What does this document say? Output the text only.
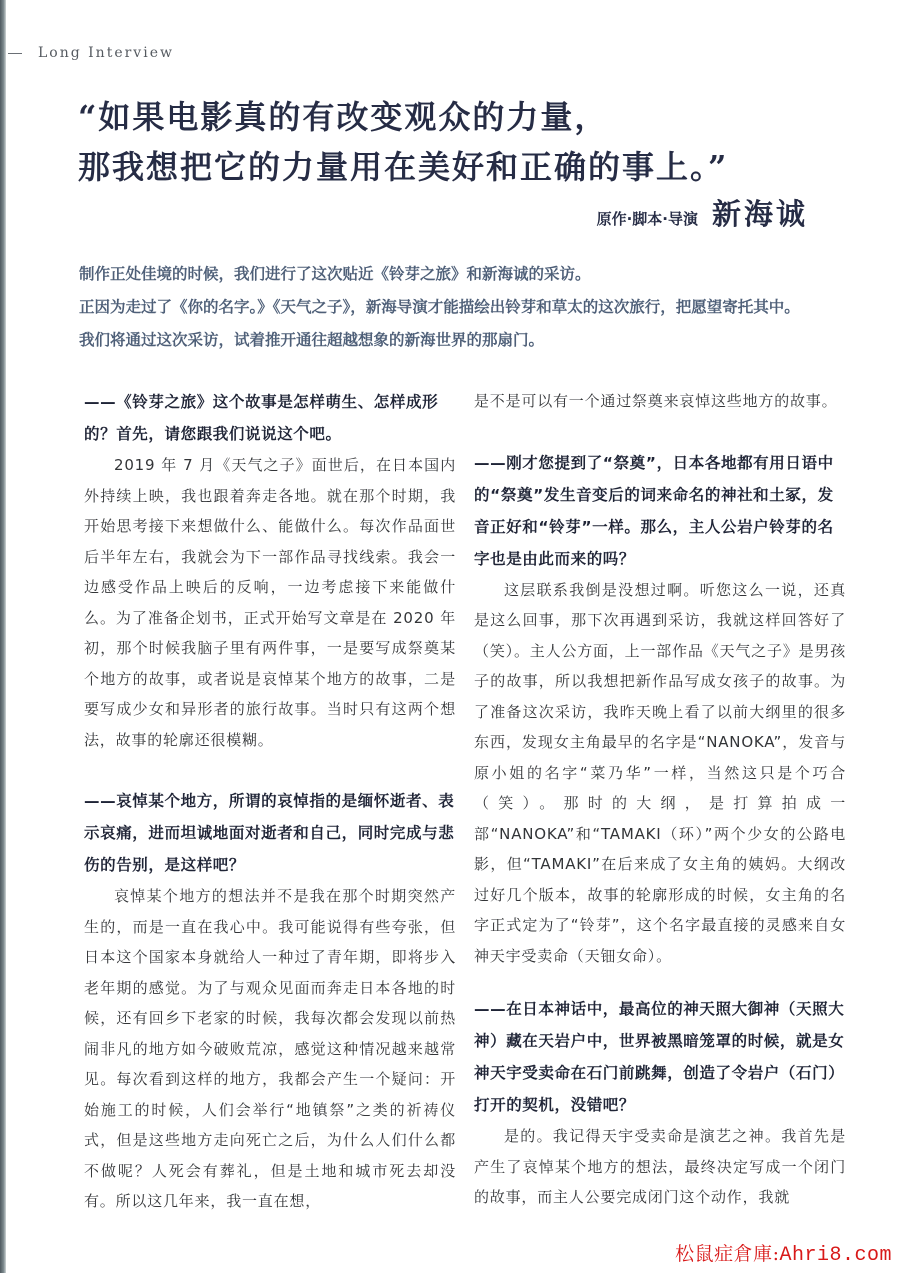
Long Interview
“如果电影真的有改变观众的力量，
那我想把它的力量用在美好和正确的事上。”
原作·脚本·导演 新海诚
制作正处佳境的时候，我们进行了这次贴近《铃芽之旅》和新海诚的采访。
正因为走过了《你的名字。》《天气之子》，新海导演才能描绘出铃芽和草太的这次旅行，把愿望寄托其中。
我们将通过这次采访，试着推开通往超越想象的新海世界的那扇门。
——《铃芽之旅》这个故事是怎样萌生、怎样成形的？首先，请您跟我们说说这个吧。
2019 年 7 月《天气之子》面世后，在日本国内外持续上映，我也跟着奔走各地。就在那个时期，我开始思考接下来想做什么、能做什么。每次作品面世后半年左右，我就会为下一部作品寻找线索。我会一边感受作品上映后的反响，一边考虑接下来能做什么。为了准备企划书，正式开始写文章是在 2020 年初，那个时候我脑子里有两件事，一是要写成祭奠某个地方的故事，或者说是哀悼某个地方的故事，二是要写成少女和异形者的旅行故事。当时只有这两个想法，故事的轮廓还很模糊。
——哀悼某个地方，所谓的哀悼指的是缅怀逝者、表示哀痛，进而坦诚地面对逝者和自己，同时完成与悲伤的告别，是这样吧？
哀悼某个地方的想法并不是我在那个时期突然产生的，而是一直在我心中。我可能说得有些夸张，但日本这个国家本身就给人一种过了青年期，即将步入老年期的感觉。为了与观众见面而奔走日本各地的时候，还有回乡下老家的时候，我每次都会发现以前热闹非凡的地方如今破败荒凉，感觉这种情况越来越常见。每次看到这样的地方，我都会产生一个疑问：开始施工的时候，人们会举行“地镇祭”之类的祈祷仪式，但是这些地方走向死亡之后，为什么人们什么都不做呢？人死会有葬礼，但是土地和城市死去却没有。所以这几年来，我一直在想，
是不是可以有一个通过祭奠来哀悼这些地方的故事。
——刚才您提到了“祭奠”，日本各地都有用日语中的“祭奠”发生音变后的词来命名的神社和土冢，发音正好和“铃芽”一样。那么，主人公岩户铃芽的名字也是由此而来的吗？
这层联系我倒是没想过啊。听您这么一说，还真是这么回事，那下次再遇到采访，我就这样回答好了（笑）。主人公方面，上一部作品《天气之子》是男孩子的故事，所以我想把新作品写成女孩子的故事。为了准备这次采访，我昨天晚上看了以前大纲里的很多东西，发现女主角最早的名字是“NANOKA”，发音与原小姐的名字“菜乃华”一样，当然这只是个巧合（笑）。那时的大纲，是打算拍成一部“NANOKA”和“TAMAKI（环）”两个少女的公路电影，但“TAMAKI”在后来成了女主角的姨妈。大纲改过好几个版本，故事的轮廓形成的时候，女主角的名字正式定为了“铃芽”，这个名字最直接的灵感来自女神天宇受卖命（天钿女命）。
——在日本神话中，最高位的神天照大御神（天照大神）藏在天岩户中，世界被黑暗笼罩的时候，就是女神天宇受卖命在石门前跳舞，创造了令岩户（石门）打开的契机，没错吧？
是的。我记得天宇受卖命是演艺之神。我首先是产生了哀悼某个地方的想法，最终决定写成一个闭门的故事，而主人公要完成闭门这个动作，我就
松鼠症倉庫:Ahri8.com
